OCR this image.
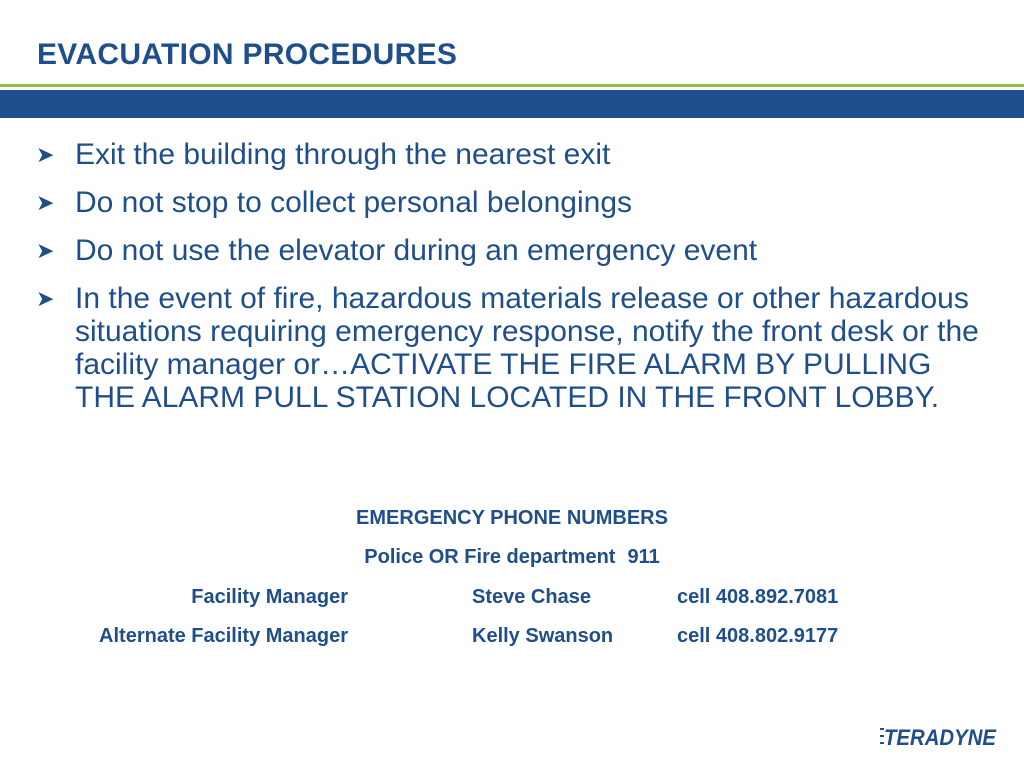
EVACUATION PROCEDURES
➤ Exit the building through the nearest exit
➤ Do not stop to collect personal belongings
➤ Do not use the elevator during an emergency event
➤ In the event of fire, hazardous materials release or other hazardous situations requiring emergency response, notify the front desk or the facility manager or…ACTIVATE THE FIRE ALARM BY PULLING THE ALARM PULL STATION LOCATED IN THE FRONT LOBBY.
EMERGENCY PHONE NUMBERS
Police OR Fire department 911
Facility Manager	Steve Chase	cell 408.892.7081
Alternate Facility Manager	Kelly Swanson	cell 408.802.9177
TERADYNE
